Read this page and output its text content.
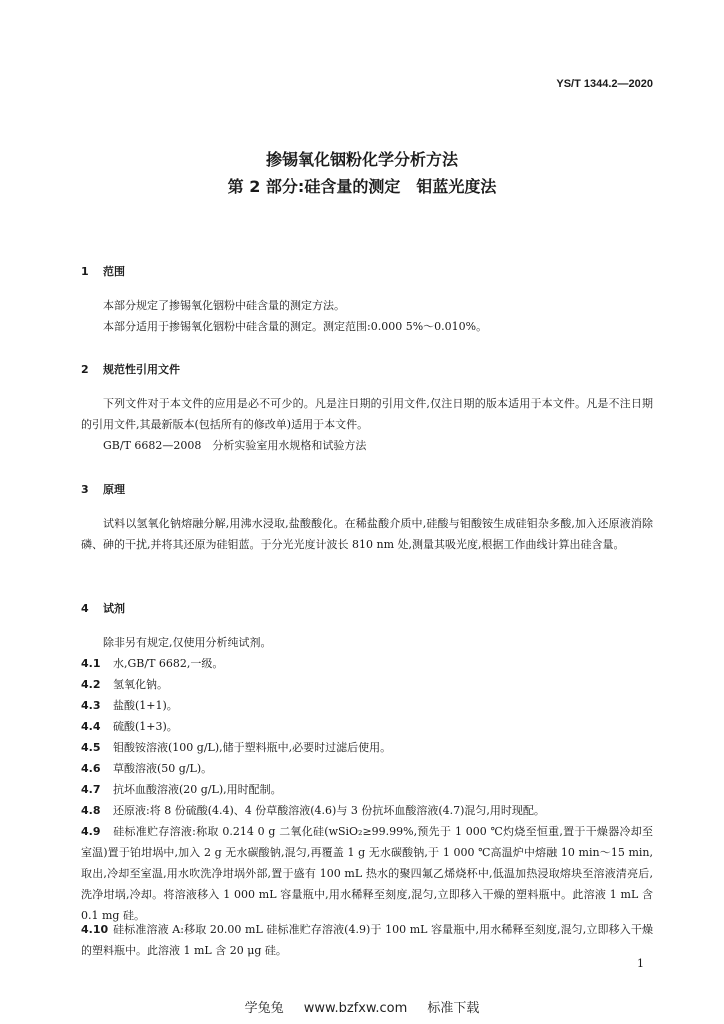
YS/T 1344.2—2020
掺锡氧化铟粉化学分析方法
第 2 部分:硅含量的测定　钼蓝光度法
1 范围
本部分规定了掺锡氧化铟粉中硅含量的测定方法。
本部分适用于掺锡氧化铟粉中硅含量的测定。测定范围:0.000 5%～0.010%。
2 规范性引用文件
下列文件对于本文件的应用是必不可少的。凡是注日期的引用文件,仅注日期的版本适用于本文件。凡是不注日期的引用文件,其最新版本(包括所有的修改单)适用于本文件。
GB/T 6682—2008　分析实验室用水规格和试验方法
3 原理
试料以氢氧化钠熔融分解,用沸水浸取,盐酸酸化。在稀盐酸介质中,硅酸与钼酸铵生成硅钼杂多酸,加入还原液消除磷、砷的干扰,并将其还原为硅钼蓝。于分光光度计波长 810 nm 处,测量其吸光度,根据工作曲线计算出硅含量。
4 试剂
除非另有规定,仅使用分析纯试剂。
4.1 水,GB/T 6682,一级。
4.2 氢氧化钠。
4.3 盐酸(1+1)。
4.4 硫酸(1+3)。
4.5 钼酸铵溶液(100 g/L),储于塑料瓶中,必要时过滤后使用。
4.6 草酸溶液(50 g/L)。
4.7 抗坏血酸溶液(20 g/L),用时配制。
4.8 还原液:将 8 份硫酸(4.4)、4 份草酸溶液(4.6)与 3 份抗坏血酸溶液(4.7)混匀,用时现配。
4.9 硅标准贮存溶液:称取 0.214 0 g 二氧化硅(wSiO₂≥99.99%,预先于 1 000 ℃灼烧至恒重,置于干燥器冷却至室温)置于铂坩埚中,加入 2 g 无水碳酸钠,混匀,再覆盖 1 g 无水碳酸钠,于 1 000 ℃高温炉中熔融 10 min～15 min,取出,冷却至室温,用水吹洗净坩埚外部,置于盛有 100 mL 热水的聚四氟乙烯烧杯中,低温加热浸取熔块至溶液清亮后,洗净坩埚,冷却。将溶液移入 1 000 mL 容量瓶中,用水稀释至刻度,混匀,立即移入干燥的塑料瓶中。此溶液 1 mL 含 0.1 mg 硅。
4.10 硅标准溶液 A:移取 20.00 mL 硅标准贮存溶液(4.9)于 100 mL 容量瓶中,用水稀释至刻度,混匀,立即移入干燥的塑料瓶中。此溶液 1 mL 含 20 μg 硅。
1
学兔兔 www.bzfxw.com 标准下载
